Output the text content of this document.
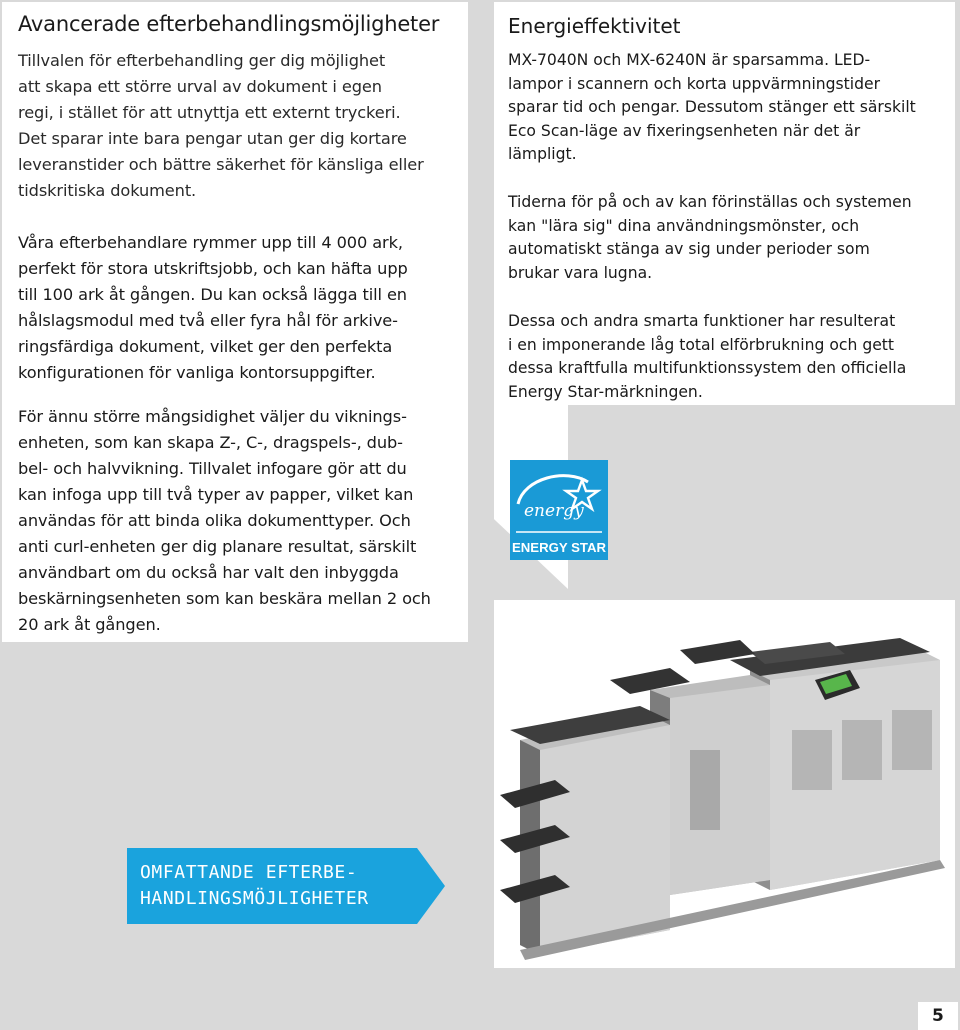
Avancerade efterbehandlingsmöjligheter

Tillvalen för efterbehandling ger dig möjlighet
att skapa ett större urval av dokument i egen
regi, i stället för att utnyttja ett externt tryckeri.
Det sparar inte bara pengar utan ger dig kortare
leveranstider och bättre säkerhet för känsliga eller
tidskritiska dokument.

Våra efterbehandlare rymmer upp till 4 000 ark,
perfekt för stora utskriftsjobb, och kan häfta upp
till 100 ark åt gången. Du kan också lägga till en
hålslagsmodul med två eller fyra hål för arkive-
ringsfärdiga dokument, vilket ger den perfekta
konfigurationen för vanliga kontorsuppgifter.

För ännu större mångsidighet väljer du viknings-
enheten, som kan skapa Z-, C-, dragspels-, dub-
bel- och halvvikning. Tillvalet infogare gör att du
kan infoga upp till två typer av papper, vilket kan
användas för att binda olika dokumenttyper. Och
anti curl-enheten ger dig planare resultat, särskilt
användbart om du också har valt den inbyggda
beskärningsenheten som kan beskära mellan 2 och
20 ark åt gången.

Energieffektivitet

MX-7040N och MX-6240N är sparsamma. LED-
lampor i scannern och korta uppvärmningstider
sparar tid och pengar. Dessutom stänger ett särskilt
Eco Scan-läge av fixeringsenheten när det är
lämpligt.

Tiderna för på och av kan förinställas och systemen
kan "lära sig" dina användningsmönster, och
automatiskt stänga av sig under perioder som
brukar vara lugna.

Dessa och andra smarta funktioner har resulterat
i en imponerande låg total elförbrukning och gett
dessa kraftfulla multifunktionssystem den officiella
Energy Star-märkningen.

energy
ENERGY STAR

OMFATTANDE EFTERBE-
HANDLINGSMÖJLIGHETER

5
